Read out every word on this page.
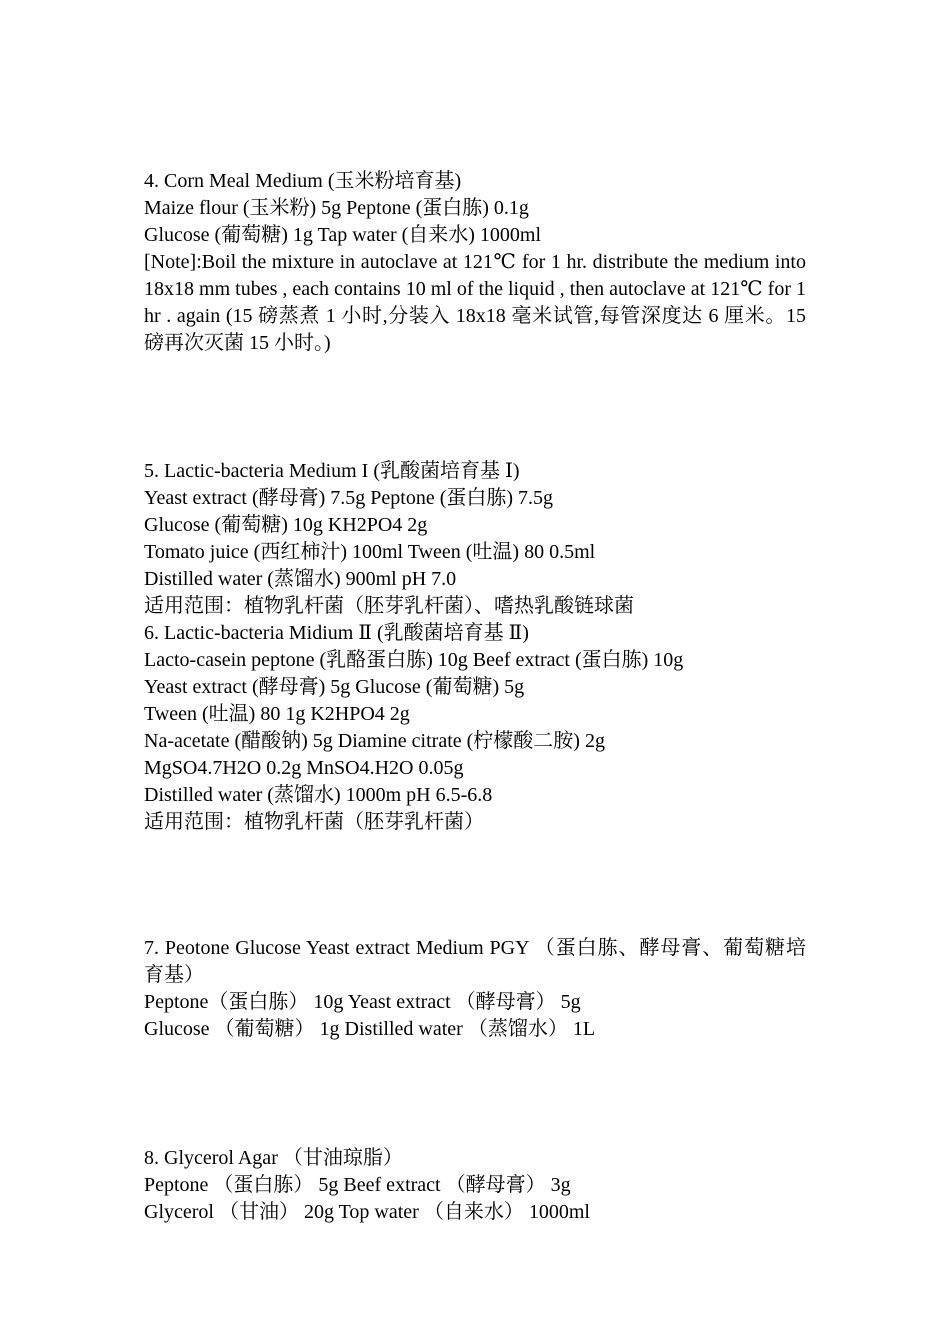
4. Corn Meal Medium (玉米粉培育基)
Maize flour (玉米粉) 5g Peptone (蛋白胨) 0.1g
Glucose (葡萄糖) 1g Tap water (自来水) 1000ml
[Note]:Boil the mixture in autoclave at 121℃ for 1 hr. distribute the medium into 18x18 mm tubes , each contains 10 ml of the liquid , then autoclave at 121℃ for 1 hr . again (15 磅蒸煮 1 小时,分装入 18x18 毫米试管,每管深度达 6 厘米。15 磅再次灭菌 15 小时。)
5. Lactic-bacteria Medium I (乳酸菌培育基 Ⅰ)
Yeast extract (酵母膏) 7.5g Peptone (蛋白胨) 7.5g
Glucose (葡萄糖) 10g KH2PO4 2g
Tomato juice (西红柿汁) 100ml Tween (吐温) 80 0.5ml
Distilled water (蒸馏水) 900ml pH 7.0
适用范围：植物乳杆菌（胚芽乳杆菌）、嗜热乳酸链球菌
6. Lactic-bacteria Midium Ⅱ (乳酸菌培育基 Ⅱ)
Lacto-casein peptone (乳酪蛋白胨) 10g Beef extract (蛋白胨) 10g
Yeast extract (酵母膏) 5g Glucose (葡萄糖) 5g
Tween (吐温) 80 1g K2HPO4 2g
Na-acetate (醋酸钠) 5g Diamine citrate (柠檬酸二胺) 2g
MgSO4.7H2O 0.2g MnSO4.H2O 0.05g
Distilled water (蒸馏水) 1000m pH 6.5-6.8
适用范围：植物乳杆菌（胚芽乳杆菌）
7. Peotone Glucose Yeast extract Medium PGY （蛋白胨、酵母膏、葡萄糖培育基）
Peptone（蛋白胨） 10g Yeast extract （酵母膏） 5g
Glucose （葡萄糖） 1g Distilled water （蒸馏水） 1L
8. Glycerol Agar （甘油琼脂）
Peptone （蛋白胨） 5g Beef extract （酵母膏） 3g
Glycerol （甘油） 20g Top water （自来水） 1000ml
